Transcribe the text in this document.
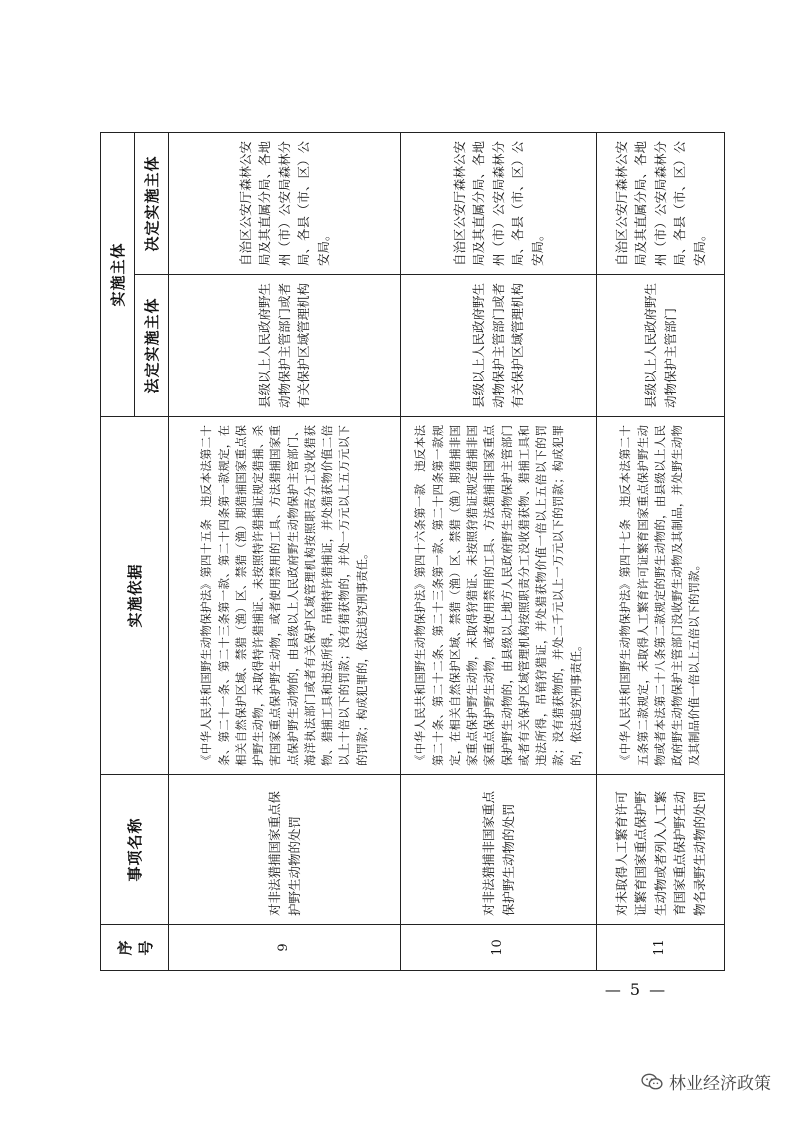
序号	事项名称	实施依据	实施主体	
			法定实施主体	决定实施主体
9	对非法猎捕国家重点保护野生动物的处罚	《中华人民共和国野生动物保护法》第四十五条　违反本法第二十条、第二十一条、第二十三条第一款、第二十四条第一款规定，在相关自然保护区域、禁猎（渔）区、禁猎（渔）期猎捕国家重点保护野生动物，未取得特许猎捕证、未按照特许猎捕证规定猎捕、杀害国家重点保护野生动物，或者使用禁用的工具、方法猎捕国家重点保护野生动物的，由县级以上人民政府野生动物保护主管部门、海洋执法部门或者有关保护区域管理机构按照职责分工没收猎获物、猎捕工具和违法所得，吊销特许猎捕证，并处猎获物价值二倍以上十倍以下的罚款；没有猎获物的，并处一万元以上五万元以下的罚款；构成犯罪的，依法追究刑事责任。	县级以上人民政府野生动物保护主管部门或者有关保护区域管理机构	自治区公安厅森林公安局及其直属分局、各地州（市）公安局森林分局、各县（市、区）公安局。
10	对非法猎捕非国家重点保护野生动物的处罚	《中华人民共和国野生动物保护法》第四十六条第一款　违反本法第二十条、第二十二条、第二十三条第一款、第二十四条第一款规定，在相关自然保护区域、禁猎（渔）区、禁猎（渔）期猎捕非国家重点保护野生动物，未取得狩猎证、未按照狩猎证规定猎捕非国家重点保护野生动物，或者使用禁用的工具、方法猎捕非国家重点保护野生动物的，由县级以上地方人民政府野生动物保护主管部门或者有关保护区域管理机构按照职责分工没收猎获物、猎捕工具和违法所得，吊销狩猎证，并处猎获物价值一倍以上五倍以下的罚款；没有猎获物的，并处二千元以上一万元以下的罚款；构成犯罪的，依法追究刑事责任。	县级以上人民政府野生动物保护主管部门或者有关保护区域管理机构	自治区公安厅森林公安局及其直属分局、各地州（市）公安局森林分局、各县（市、区）公安局。
11	对未取得人工繁育许可证繁育国家重点保护野生动物或者列入人工繁育国家重点保护野生动物名录野生动物的处罚	《中华人民共和国野生动物保护法》第四十七条　违反本法第二十五条第二款规定，未取得人工繁育许可证繁育国家重点保护野生动物或者本法第二十八条第二款规定的野生动物的，由县级以上人民政府野生动物保护主管部门没收野生动物及其制品，并处野生动物及其制品价值一倍以上五倍以下的罚款。	县级以上人民政府野生动物保护主管部门	自治区公安厅森林公安局及其直属分局、各地州（市）公安局森林分局、各县（市、区）公安局。
— 5 —
林业经济政策
